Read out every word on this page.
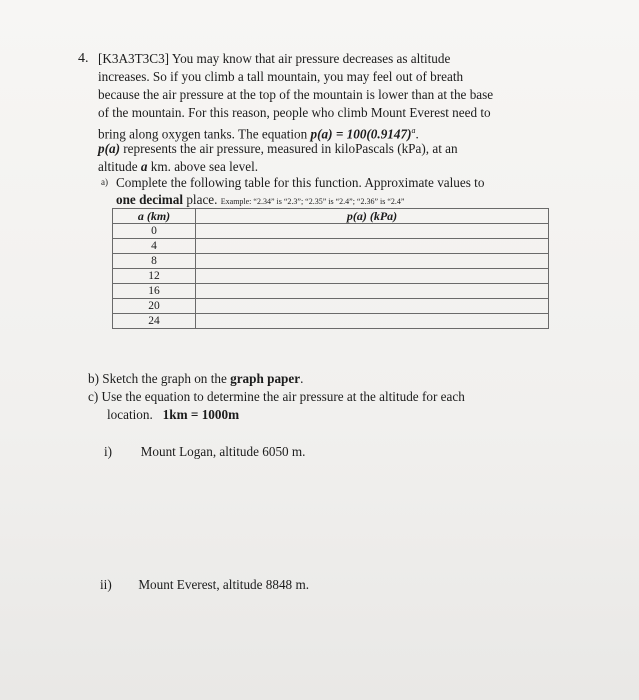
4. [K3A3T3C3] You may know that air pressure decreases as altitude
increases. So if you climb a tall mountain, you may feel out of breath
because the air pressure at the top of the mountain is lower than at the base
of the mountain. For this reason, people who climb Mount Everest need to
bring along oxygen tanks. The equation $p(a) = 100(0.9147)^a$.
p(a) represents the air pressure, measured in kiloPascals (kPa), at an
altitude a km. above sea level.
a) Complete the following table for this function. Approximate values to
one decimal place. Example: “2.34” is “2.3”; “2.35” is “2.4”; “2.36” is “2.4”
a (km)	p(a) (kPa)
0	
4	
8	
12	
16	
20	
24	
b) Sketch the graph on the graph paper.
c) Use the equation to determine the air pressure at the altitude for each
location. 1km = 1000m
i) Mount Logan, altitude 6050 m.
ii) Mount Everest, altitude 8848 m.
